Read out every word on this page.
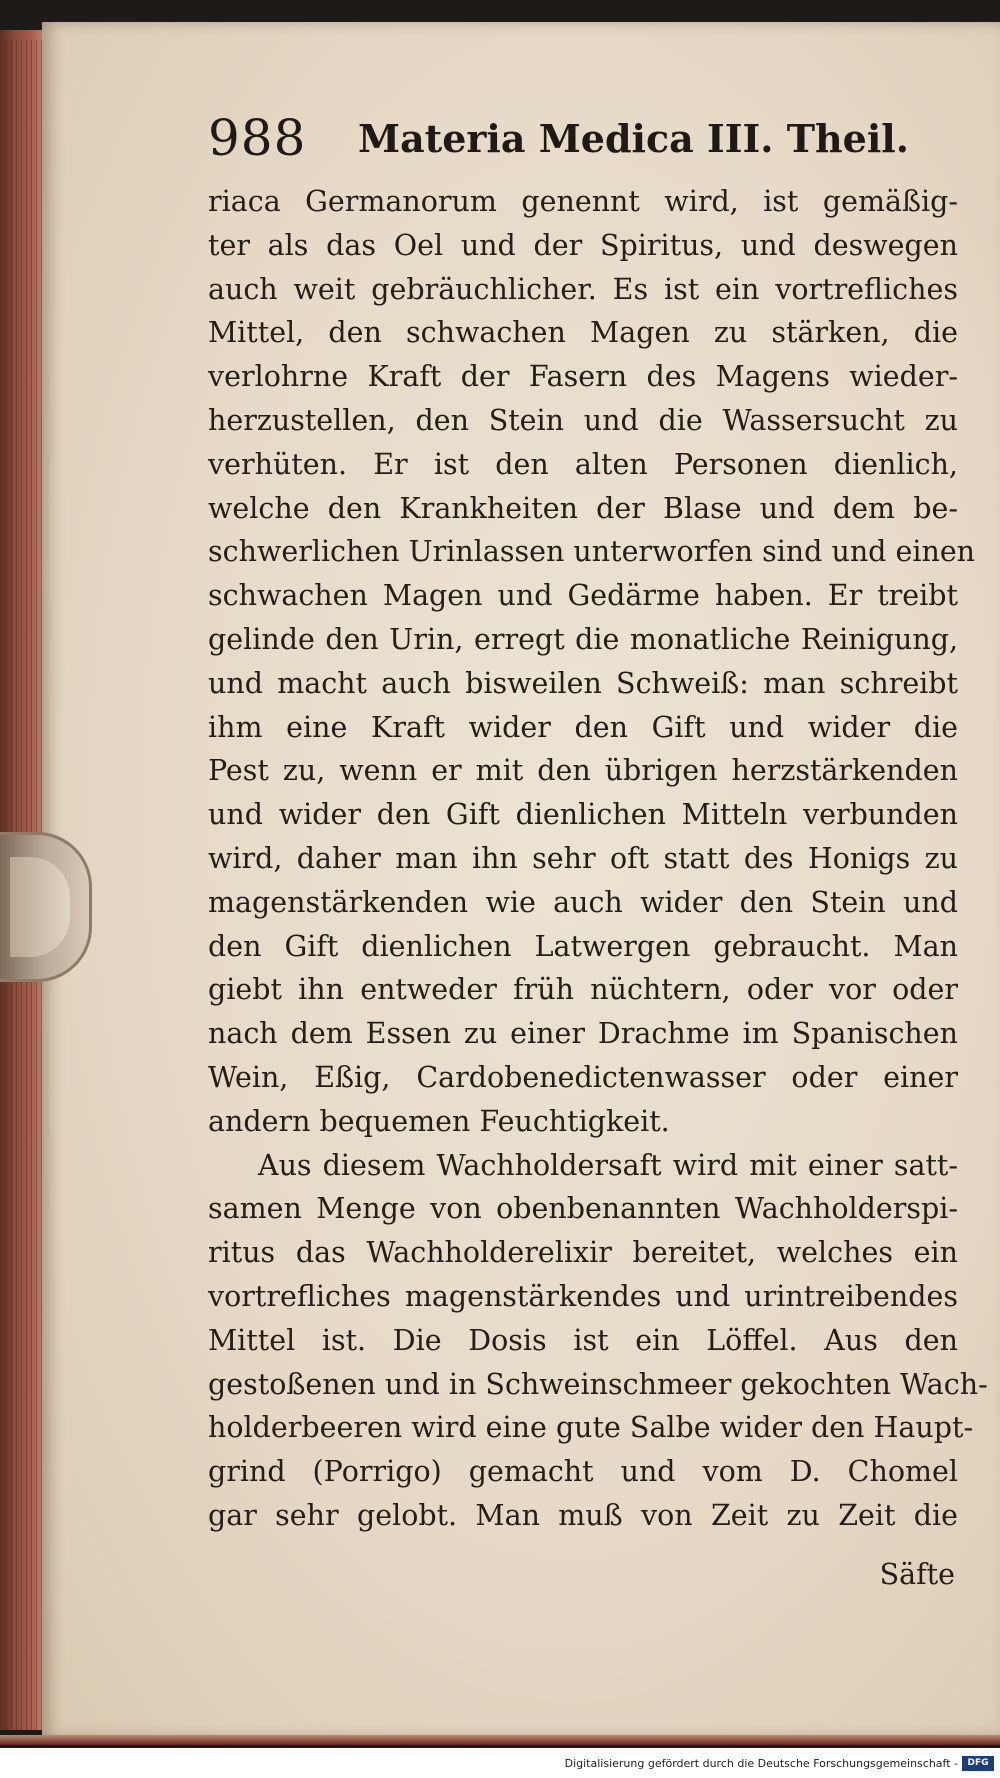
988 Materia Medica III. Theil.
riaca Germanorum genennt wird, ist gemäßig-
ter als das Oel und der Spiritus, und deswegen
auch weit gebräuchlicher. Es ist ein vortrefliches
Mittel, den schwachen Magen zu stärken, die
verlohrne Kraft der Fasern des Magens wieder-
herzustellen, den Stein und die Wassersucht zu
verhüten. Er ist den alten Personen dienlich,
welche den Krankheiten der Blase und dem be-
schwerlichen Urinlassen unterworfen sind und einen
schwachen Magen und Gedärme haben. Er treibt
gelinde den Urin, erregt die monatliche Reinigung,
und macht auch bisweilen Schweiß: man schreibt
ihm eine Kraft wider den Gift und wider die
Pest zu, wenn er mit den übrigen herzstärkenden
und wider den Gift dienlichen Mitteln verbunden
wird, daher man ihn sehr oft statt des Honigs zu
magenstärkenden wie auch wider den Stein und
den Gift dienlichen Latwergen gebraucht. Man
giebt ihn entweder früh nüchtern, oder vor oder
nach dem Essen zu einer Drachme im Spanischen
Wein, Eßig, Cardobenedictenwasser oder einer
andern bequemen Feuchtigkeit.
Aus diesem Wachholdersaft wird mit einer satt-
samen Menge von obenbenannten Wachholderspi-
ritus das Wachholderelixir bereitet, welches ein
vortrefliches magenstärkendes und urintreibendes
Mittel ist. Die Dosis ist ein Löffel. Aus den
gestoßenen und in Schweinschmeer gekochten Wach-
holderbeeren wird eine gute Salbe wider den Haupt-
grind (Porrigo) gemacht und vom D. Chomel
gar sehr gelobt. Man muß von Zeit zu Zeit die
Säfte
Digitalisierung gefördert durch die Deutsche Forschungsgemeinschaft -	DFG
